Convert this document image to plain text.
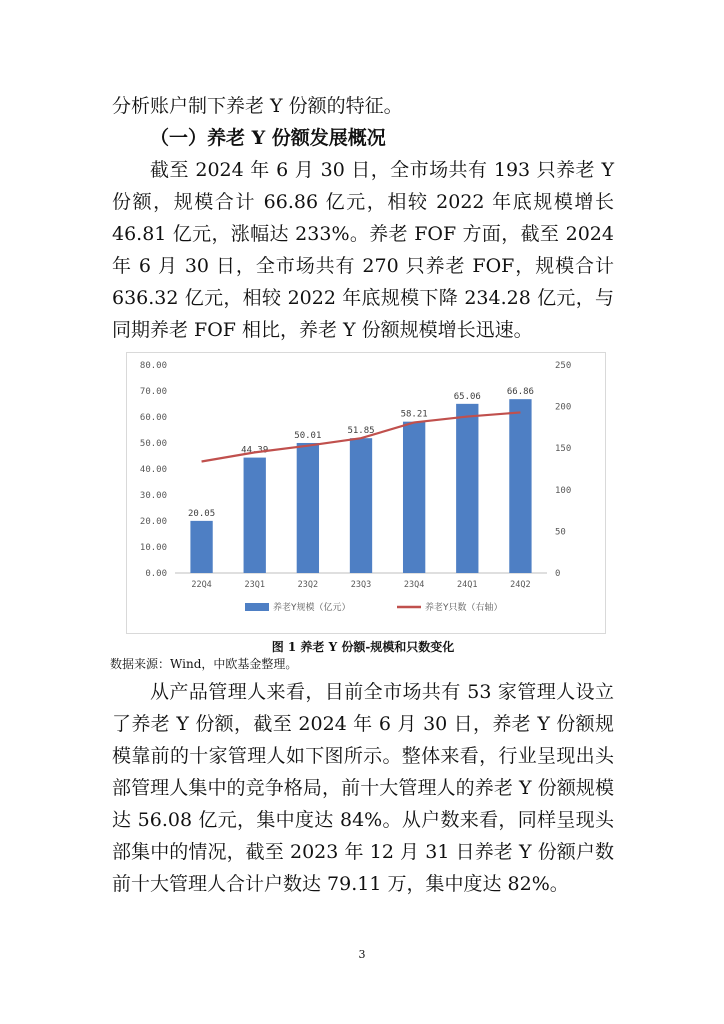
分析账户制下养老 Y 份额的特征。

（一）养老 Y 份额发展概况

截至 2024 年 6 月 30 日，全市场共有 193 只养老 Y 份额，规模合计 66.86 亿元，相较 2022 年底规模增长 46.81 亿元，涨幅达 233%。养老 FOF 方面，截至 2024 年 6 月 30 日，全市场共有 270 只养老 FOF，规模合计 636.32 亿元，相较 2022 年底规模下降 234.28 亿元，与同期养老 FOF 相比，养老 Y 份额规模增长迅速。

0.00
10.00
20.00
30.00
40.00
50.00
60.00
70.00
80.00
0
50
100
150
200
250
20.05
44.39
50.01	51.85
58.21
65.06	66.86
22Q4	23Q1	23Q2	23Q3	23Q4	24Q1	24Q2
养老Y规模（亿元）	养老Y只数（右轴）
图 1 养老 Y 份额-规模和只数变化
数据来源：Wind，中欧基金整理。

从产品管理人来看，目前全市场共有 53 家管理人设立了养老 Y 份额，截至 2024 年 6 月 30 日，养老 Y 份额规模靠前的十家管理人如下图所示。整体来看，行业呈现出头部管理人集中的竞争格局，前十大管理人的养老 Y 份额规模达 56.08 亿元，集中度达 84%。从户数来看，同样呈现头部集中的情况，截至 2023 年 12 月 31 日养老 Y 份额户数前十大管理人合计户数达 79.11 万，集中度达 82%。

3
